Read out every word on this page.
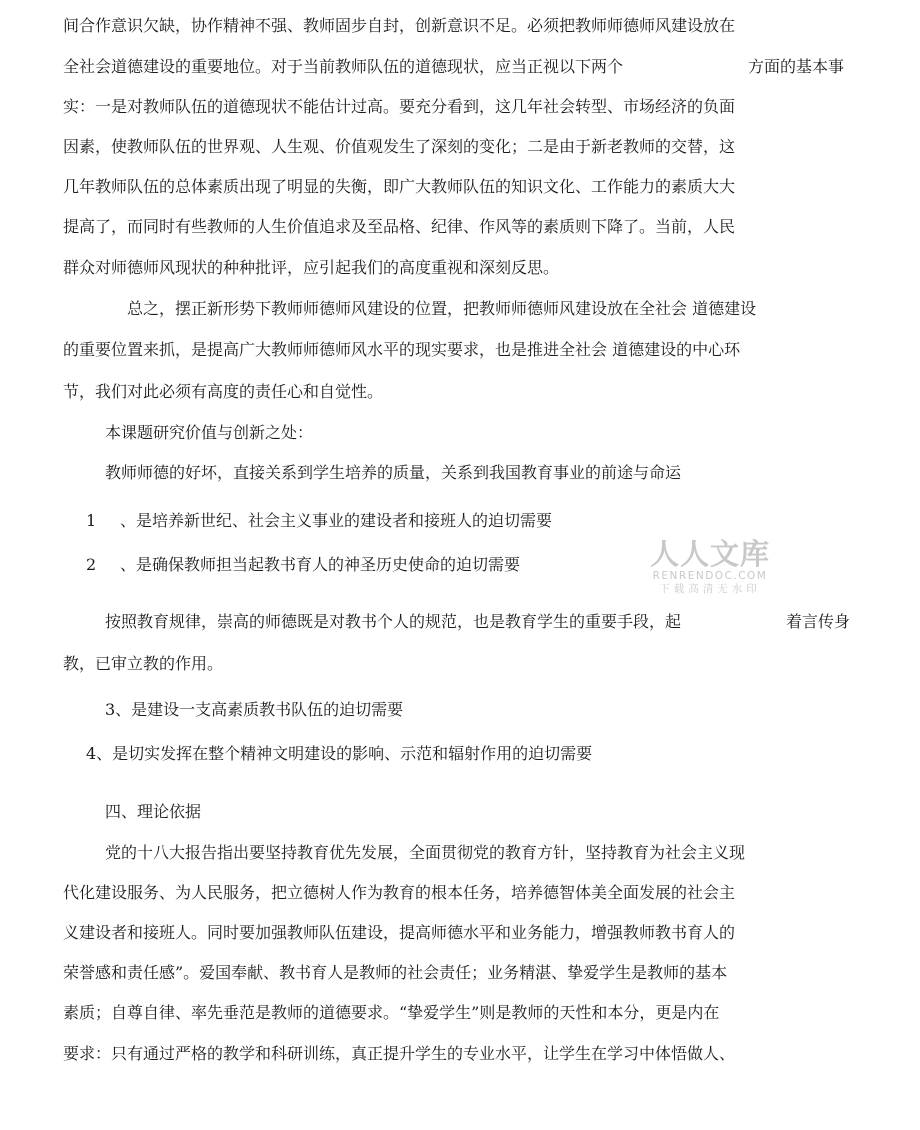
间合作意识欠缺，协作精神不强、教师固步自封，创新意识不足。必须把教师师德师风建设放在
全社会道德建设的重要地位。对于当前教师队伍的道德现状，应当正视以下两个	方面的基本事
实：一是对教师队伍的道德现状不能估计过高。要充分看到，这几年社会转型、市场经济的负面
因素，使教师队伍的世界观、人生观、价值观发生了深刻的变化；二是由于新老教师的交替，这
几年教师队伍的总体素质出现了明显的失衡，即广大教师队伍的知识文化、工作能力的素质大大
提高了，而同时有些教师的人生价值追求及至品格、纪律、作风等的素质则下降了。当前，人民
群众对师德师风现状的种种批评，应引起我们的高度重视和深刻反思。
总之，摆正新形势下教师师德师风建设的位置，把教师师德师风建设放在全社会 道德建设
的重要位置来抓，是提高广大教师师德师风水平的现实要求，也是推进全社会 道德建设的中心环
节，我们对此必须有高度的责任心和自觉性。
本课题研究价值与创新之处：
教师师德的好坏，直接关系到学生培养的质量，关系到我国教育事业的前途与命运
1 、是培养新世纪、社会主义事业的建设者和接班人的迫切需要
2 、是确保教师担当起教书育人的神圣历史使命的迫切需要
按照教育规律，崇高的师德既是对教书个人的规范，也是教育学生的重要手段，起	着言传身
教，已审立教的作用。
3、是建设一支高素质教书队伍的迫切需要
4、是切实发挥在整个精神文明建设的影响、示范和辐射作用的迫切需要
四、理论依据
党的十八大报告指出要坚持教育优先发展，全面贯彻党的教育方针，坚持教育为社会主义现
代化建设服务、为人民服务，把立德树人作为教育的根本任务，培养德智体美全面发展的社会主
义建设者和接班人。同时要加强教师队伍建设，提高师德水平和业务能力，增强教师教书育人的
荣誉感和责任感”。爱国奉献、教书育人是教师的社会责任；业务精湛、挚爱学生是教师的基本
素质；自尊自律、率先垂范是教师的道德要求。“挚爱学生”则是教师的天性和本分，更是内在
要求：只有通过严格的教学和科研训练，真正提升学生的专业水平，让学生在学习中体悟做人、
人人文库
RENRENDOC.COM
下载高清无水印
